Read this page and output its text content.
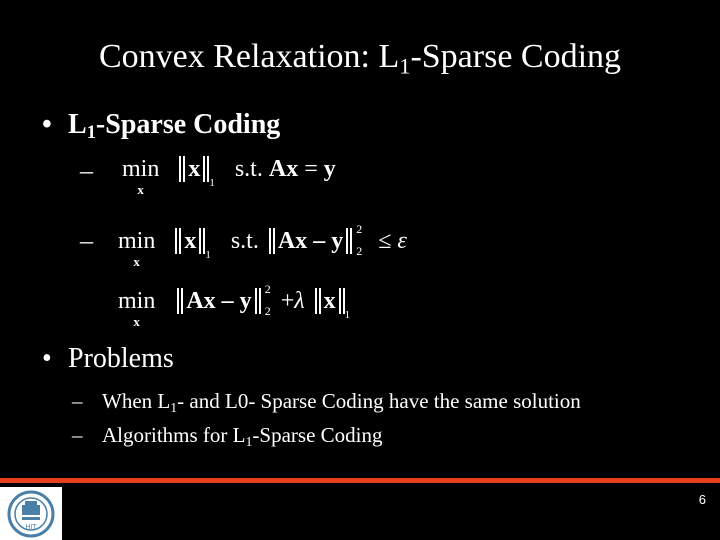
Convex Relaxation: $L_1$-Sparse Coding
• $L_1$-Sparse Coding
– min
x
$x_1$ s.t. Ax = y
– min
x
$x_1$ s.t. Ax – y 2
2 ≤ ε
min
x
Ax – y 2
2 +λ $x_1$
• Problems
– When $L_1-$ and L0- Sparse Coding have the same solution
– Algorithms for $L_1$-Sparse Coding
HIT
6
